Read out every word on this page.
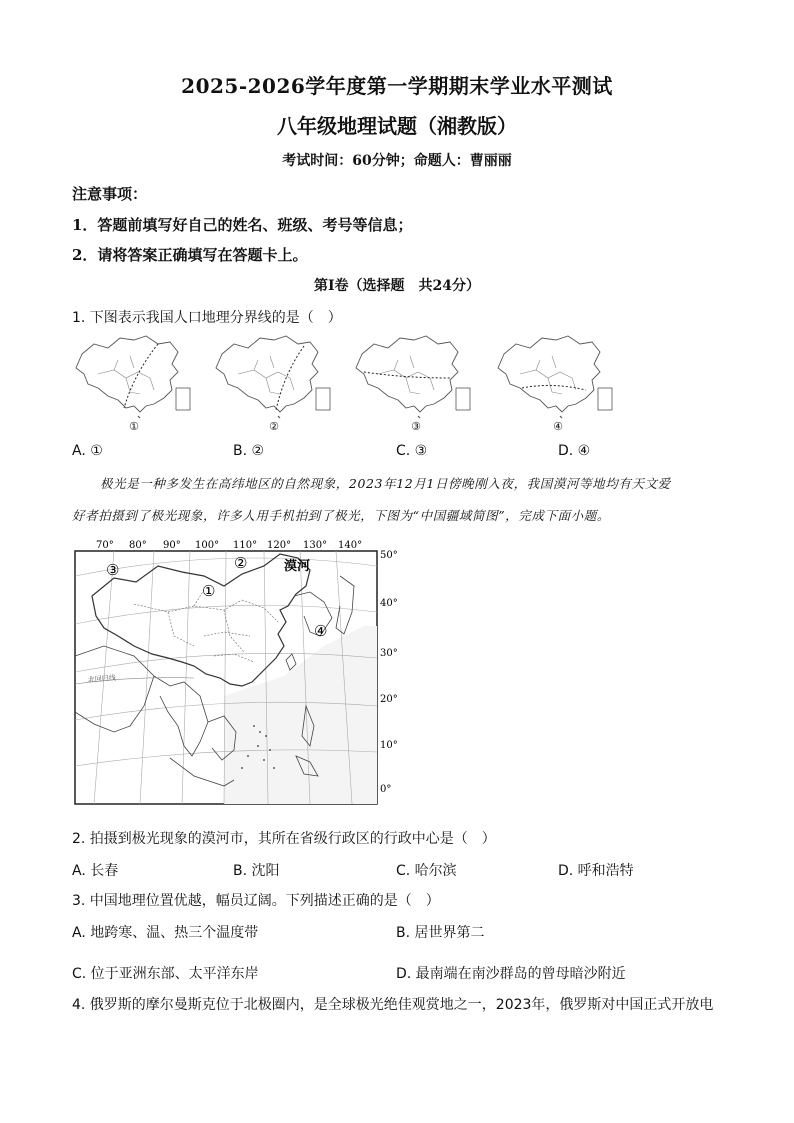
2025-2026学年度第一学期期末学业水平测试
八年级地理试题（湘教版）
考试时间：60分钟；命题人：曹丽丽
注意事项：
1．答题前填写好自己的姓名、班级、考号等信息；
2．请将答案正确填写在答题卡上。
第Ⅰ卷（选择题　共24分）
1. 下图表示我国人口地理分界线的是（　）
①	②	③	④
A. ①	B. ②	C. ③	D. ④
极光是一种多发生在高纬地区的自然现象，2023年12月1日傍晚刚入夜，我国漠河等地均有天文爱
好者拍摄到了极光现象，许多人用手机拍到了极光，下图为“中国疆域简图”，完成下面小题。
70° 80° 90° 100° 110° 120° 130° 140°
北回归线
③	②
①
④
漠河
50°
40°
30°
20°
10°
0°
2. 拍摄到极光现象的漠河市，其所在省级行政区的行政中心是（　）
A. 长春	B. 沈阳	C. 哈尔滨	D. 呼和浩特
3. 中国地理位置优越，幅员辽阔。下列描述正确的是（　）
A. 地跨寒、温、热三个温度带	B. 居世界第二
C. 位于亚洲东部、太平洋东岸	D. 最南端在南沙群岛的曾母暗沙附近
4. 俄罗斯的摩尔曼斯克位于北极圈内，是全球极光绝佳观赏地之一，2023年，俄罗斯对中国正式开放电
